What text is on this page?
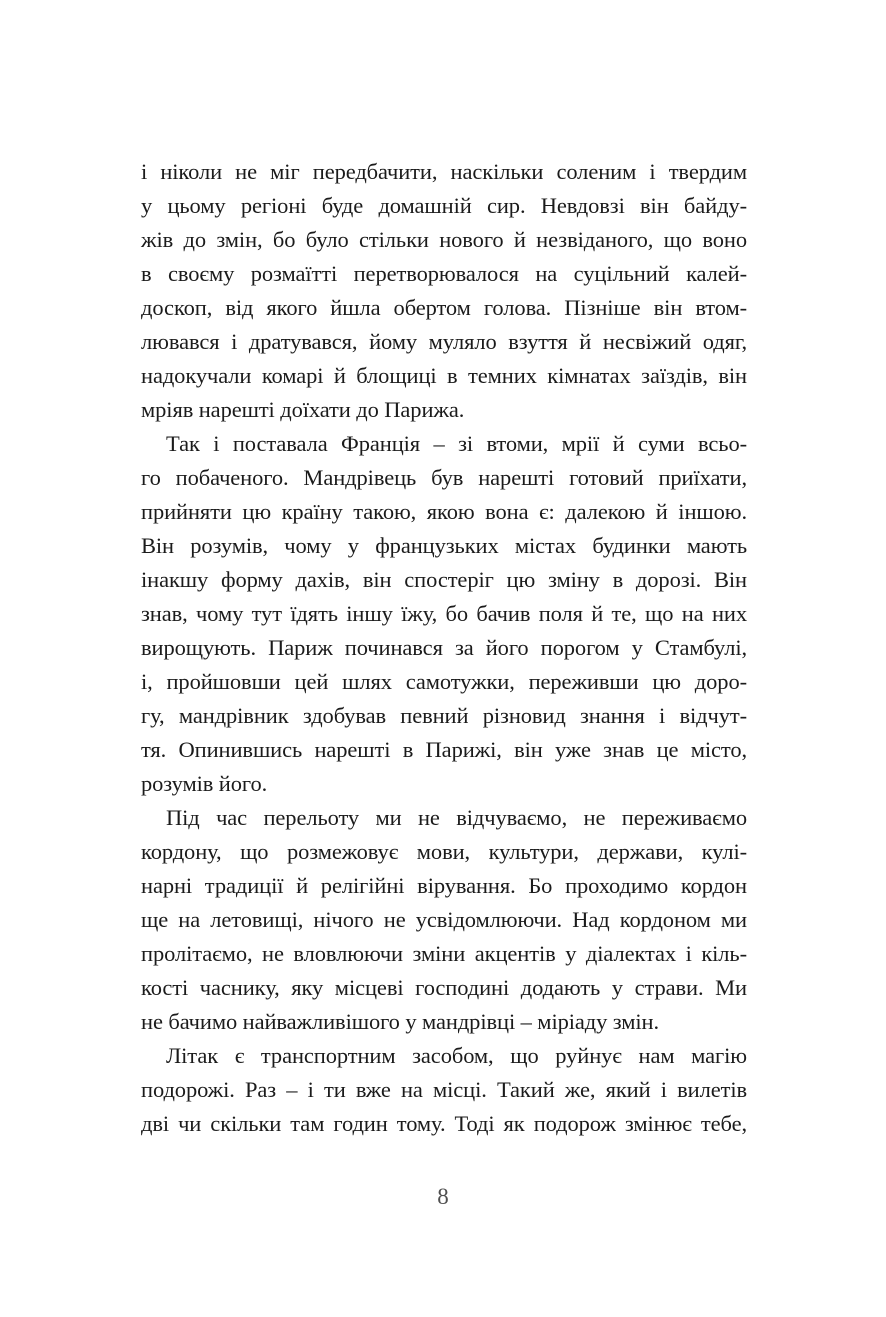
і ніколи не міг передбачити, наскільки соленим і твердим
у цьому регіоні буде домашній сир. Невдовзі він байду-
жів до змін, бо було стільки нового й незвіданого, що воно
в своєму розмаїтті перетворювалося на суцільний калей-
доскоп, від якого йшла обертом голова. Пізніше він втом-
лювався і дратувався, йому муляло взуття й несвіжий одяг,
надокучали комарі й блощиці в темних кімнатах заїздів, він
мріяв нарешті доїхати до Парижа.
Так і поставала Франція – зі втоми, мрії й суми всьо-
го побаченого. Мандрівець був нарешті готовий приїхати,
прийняти цю країну такою, якою вона є: далекою й іншою.
Він розумів, чому у французьких містах будинки мають
інакшу форму дахів, він спостеріг цю зміну в дорозі. Він
знав, чому тут їдять іншу їжу, бо бачив поля й те, що на них
вирощують. Париж починався за його порогом у Стамбулі,
і, пройшовши цей шлях самотужки, переживши цю доро-
гу, мандрівник здобував певний різновид знання і відчут-
тя. Опинившись нарешті в Парижі, він уже знав це місто,
розумів його.
Під час перельоту ми не відчуваємо, не переживаємо
кордону, що розмежовує мови, культури, держави, кулі-
нарні традиції й релігійні вірування. Бо проходимо кордон
ще на летовищі, нічого не усвідомлюючи. Над кордоном ми
пролітаємо, не вловлюючи зміни акцентів у діалектах і кіль-
кості часнику, яку місцеві господині додають у страви. Ми
не бачимо найважливішого у мандрівці – міріаду змін.
Літак є транспортним засобом, що руйнує нам магію
подорожі. Раз – і ти вже на місці. Такий же, який і вилетів
дві чи скільки там годин тому. Тоді як подорож змінює тебе,
8
